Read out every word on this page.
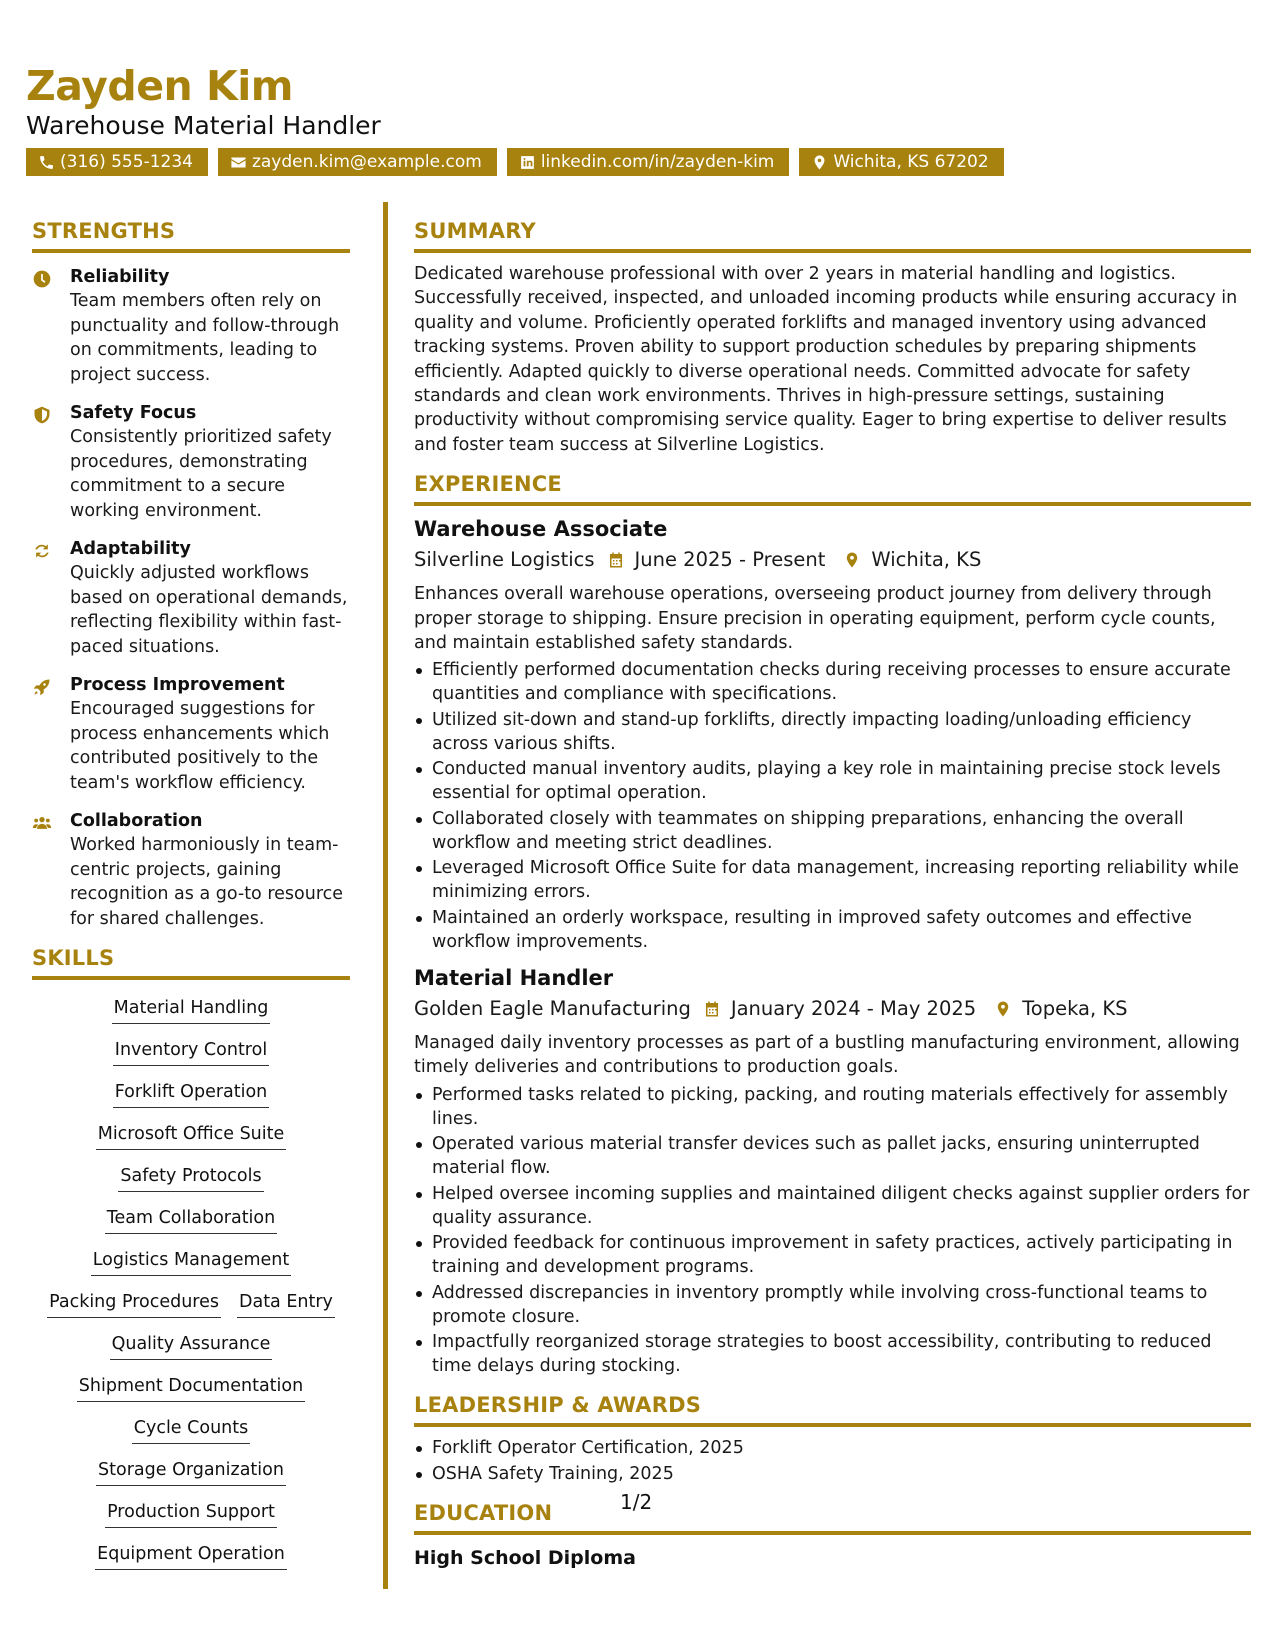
Zayden Kim
Warehouse Material Handler
(316) 555-1234	zayden.kim@example.com	linkedin.com/in/zayden-kim	Wichita, KS 67202
STRENGTHS
Reliability
Team members often rely on punctuality and follow-through on commitments, leading to project success.
Safety Focus
Consistently prioritized safety procedures, demonstrating commitment to a secure working environment.
Adaptability
Quickly adjusted workflows based on operational demands, reflecting flexibility within fast-paced situations.
Process Improvement
Encouraged suggestions for process enhancements which contributed positively to the team's workflow efficiency.
Collaboration
Worked harmoniously in team-centric projects, gaining recognition as a go-to resource for shared challenges.
SKILLS
Material Handling
Inventory Control
Forklift Operation
Microsoft Office Suite
Safety Protocols
Team Collaboration
Logistics Management
Packing Procedures Data Entry
Quality Assurance
Shipment Documentation
Cycle Counts
Storage Organization
Production Support
Equipment Operation
SUMMARY
Dedicated warehouse professional with over 2 years in material handling and logistics. Successfully received, inspected, and unloaded incoming products while ensuring accuracy in quality and volume. Proficiently operated forklifts and managed inventory using advanced tracking systems. Proven ability to support production schedules by preparing shipments efficiently. Adapted quickly to diverse operational needs. Committed advocate for safety standards and clean work environments. Thrives in high-pressure settings, sustaining productivity without compromising service quality. Eager to bring expertise to deliver results and foster team success at Silverline Logistics.
EXPERIENCE
Warehouse Associate
Silverline Logistics June 2025 - Present Wichita, KS
Enhances overall warehouse operations, overseeing product journey from delivery through proper storage to shipping. Ensure precision in operating equipment, perform cycle counts, and maintain established safety standards.
Efficiently performed documentation checks during receiving processes to ensure accurate quantities and compliance with specifications.
Utilized sit-down and stand-up forklifts, directly impacting loading/unloading efficiency across various shifts.
Conducted manual inventory audits, playing a key role in maintaining precise stock levels essential for optimal operation.
Collaborated closely with teammates on shipping preparations, enhancing the overall workflow and meeting strict deadlines.
Leveraged Microsoft Office Suite for data management, increasing reporting reliability while minimizing errors.
Maintained an orderly workspace, resulting in improved safety outcomes and effective workflow improvements.
Material Handler
Golden Eagle Manufacturing January 2024 - May 2025 Topeka, KS
Managed daily inventory processes as part of a bustling manufacturing environment, allowing timely deliveries and contributions to production goals.
Performed tasks related to picking, packing, and routing materials effectively for assembly lines.
Operated various material transfer devices such as pallet jacks, ensuring uninterrupted material flow.
Helped oversee incoming supplies and maintained diligent checks against supplier orders for quality assurance.
Provided feedback for continuous improvement in safety practices, actively participating in training and development programs.
Addressed discrepancies in inventory promptly while involving cross-functional teams to promote closure.
Impactfully reorganized storage strategies to boost accessibility, contributing to reduced time delays during stocking.
LEADERSHIP & AWARDS
Forklift Operator Certification, 2025
OSHA Safety Training, 2025
EDUCATION
High School Diploma
1/2
